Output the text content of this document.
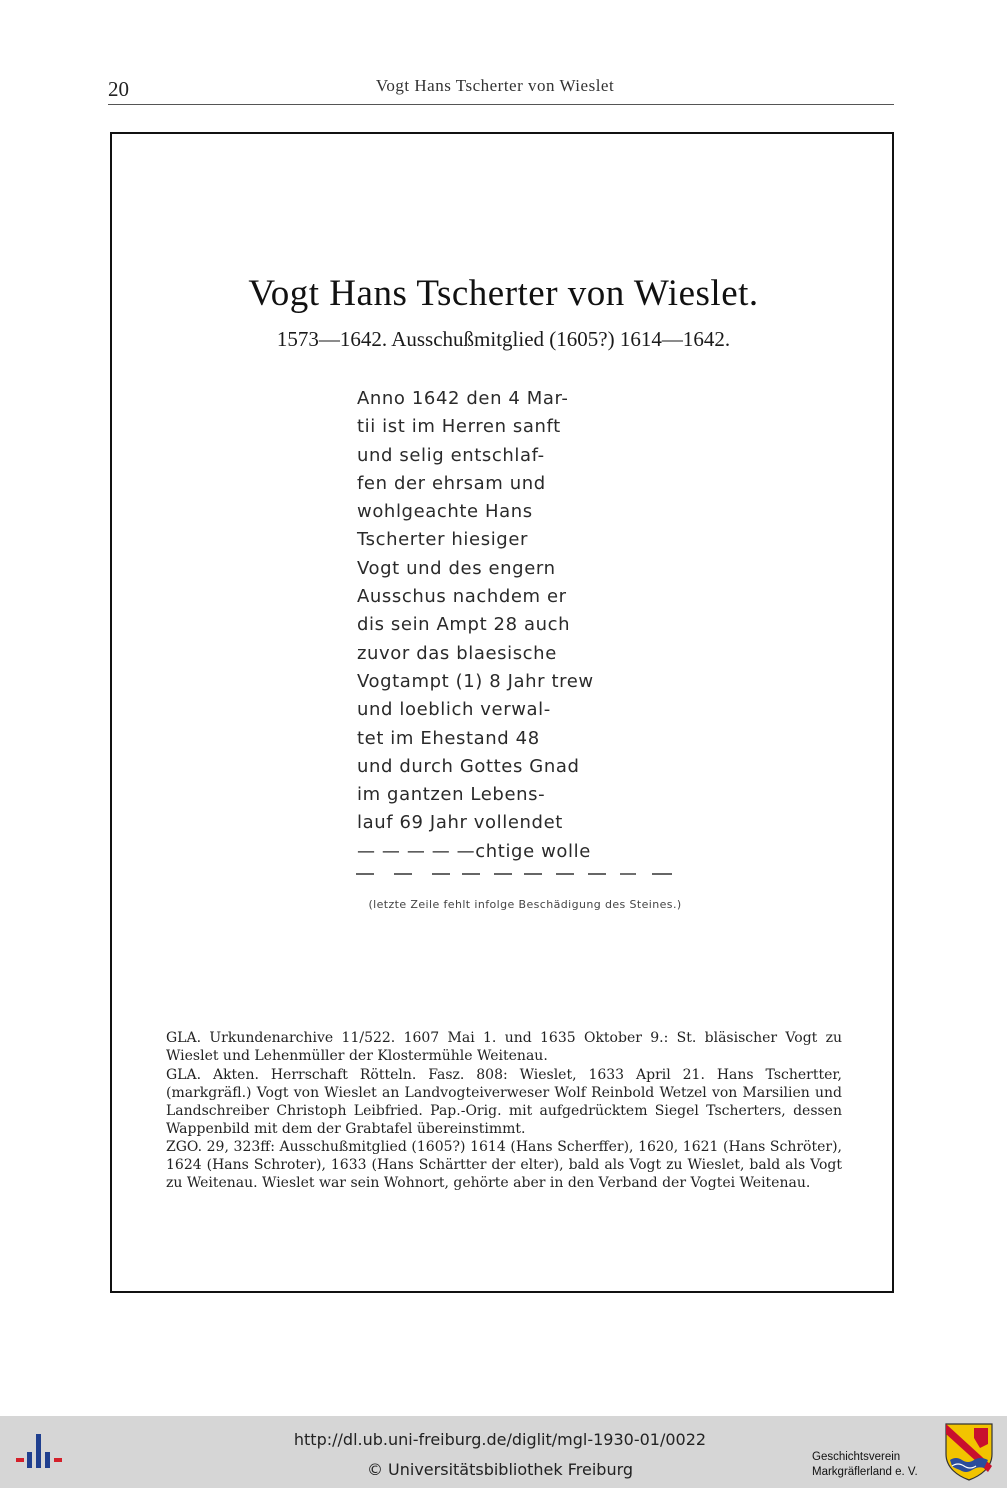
20	Vogt Hans Tscherter von Wieslet
Vogt Hans Tscherter von Wieslet.
1573—1642. Ausschußmitglied (1605?) 1614—1642.
Anno 1642 den 4 Mar-
tii ist im Herren sanft
und selig entschlaf-
fen der ehrsam und
wohlgeachte Hans
Tscherter hiesiger
Vogt und des engern
Ausschus nachdem er
dis sein Ampt 28 auch
zuvor das blaesische
Vogtampt (1) 8 Jahr trew
und loeblich verwal-
tet im Ehestand 48
und durch Gottes Gnad
im gantzen Lebens-
lauf 69 Jahr vollendet
— — — — —chtige wolle
(letzte Zeile fehlt infolge Beschädigung des Steines.)

GLA. Urkundenarchive 11/522. 1607 Mai 1. und 1635 Oktober 9.: St. bläsischer Vogt zu Wieslet und Lehenmüller der Klostermühle Weitenau.

GLA. Akten. Herrschaft Rötteln. Fasz. 808: Wieslet, 1633 April 21. Hans Tschertter, (markgräfl.) Vogt von Wieslet an Landvogteiverweser Wolf Reinbold Wetzel von Marsilien und Landschreiber Christoph Leibfried. Pap.-Orig. mit aufgedrücktem Siegel Tscherters, dessen Wappenbild mit dem der Grabtafel übereinstimmt.

ZGO. 29, 323ff: Ausschußmitglied (1605?) 1614 (Hans Scherffer), 1620, 1621 (Hans Schröter), 1624 (Hans Schroter), 1633 (Hans Schärtter der elter), bald als Vogt zu Wieslet, bald als Vogt zu Weitenau. Wieslet war sein Wohnort, gehörte aber in den Verband der Vogtei Weitenau.

http://dl.ub.uni-freiburg.de/diglit/mgl-1930-01/0022
© Universitätsbibliothek Freiburg
Geschichtsverein
Markgräflerland e. V.
